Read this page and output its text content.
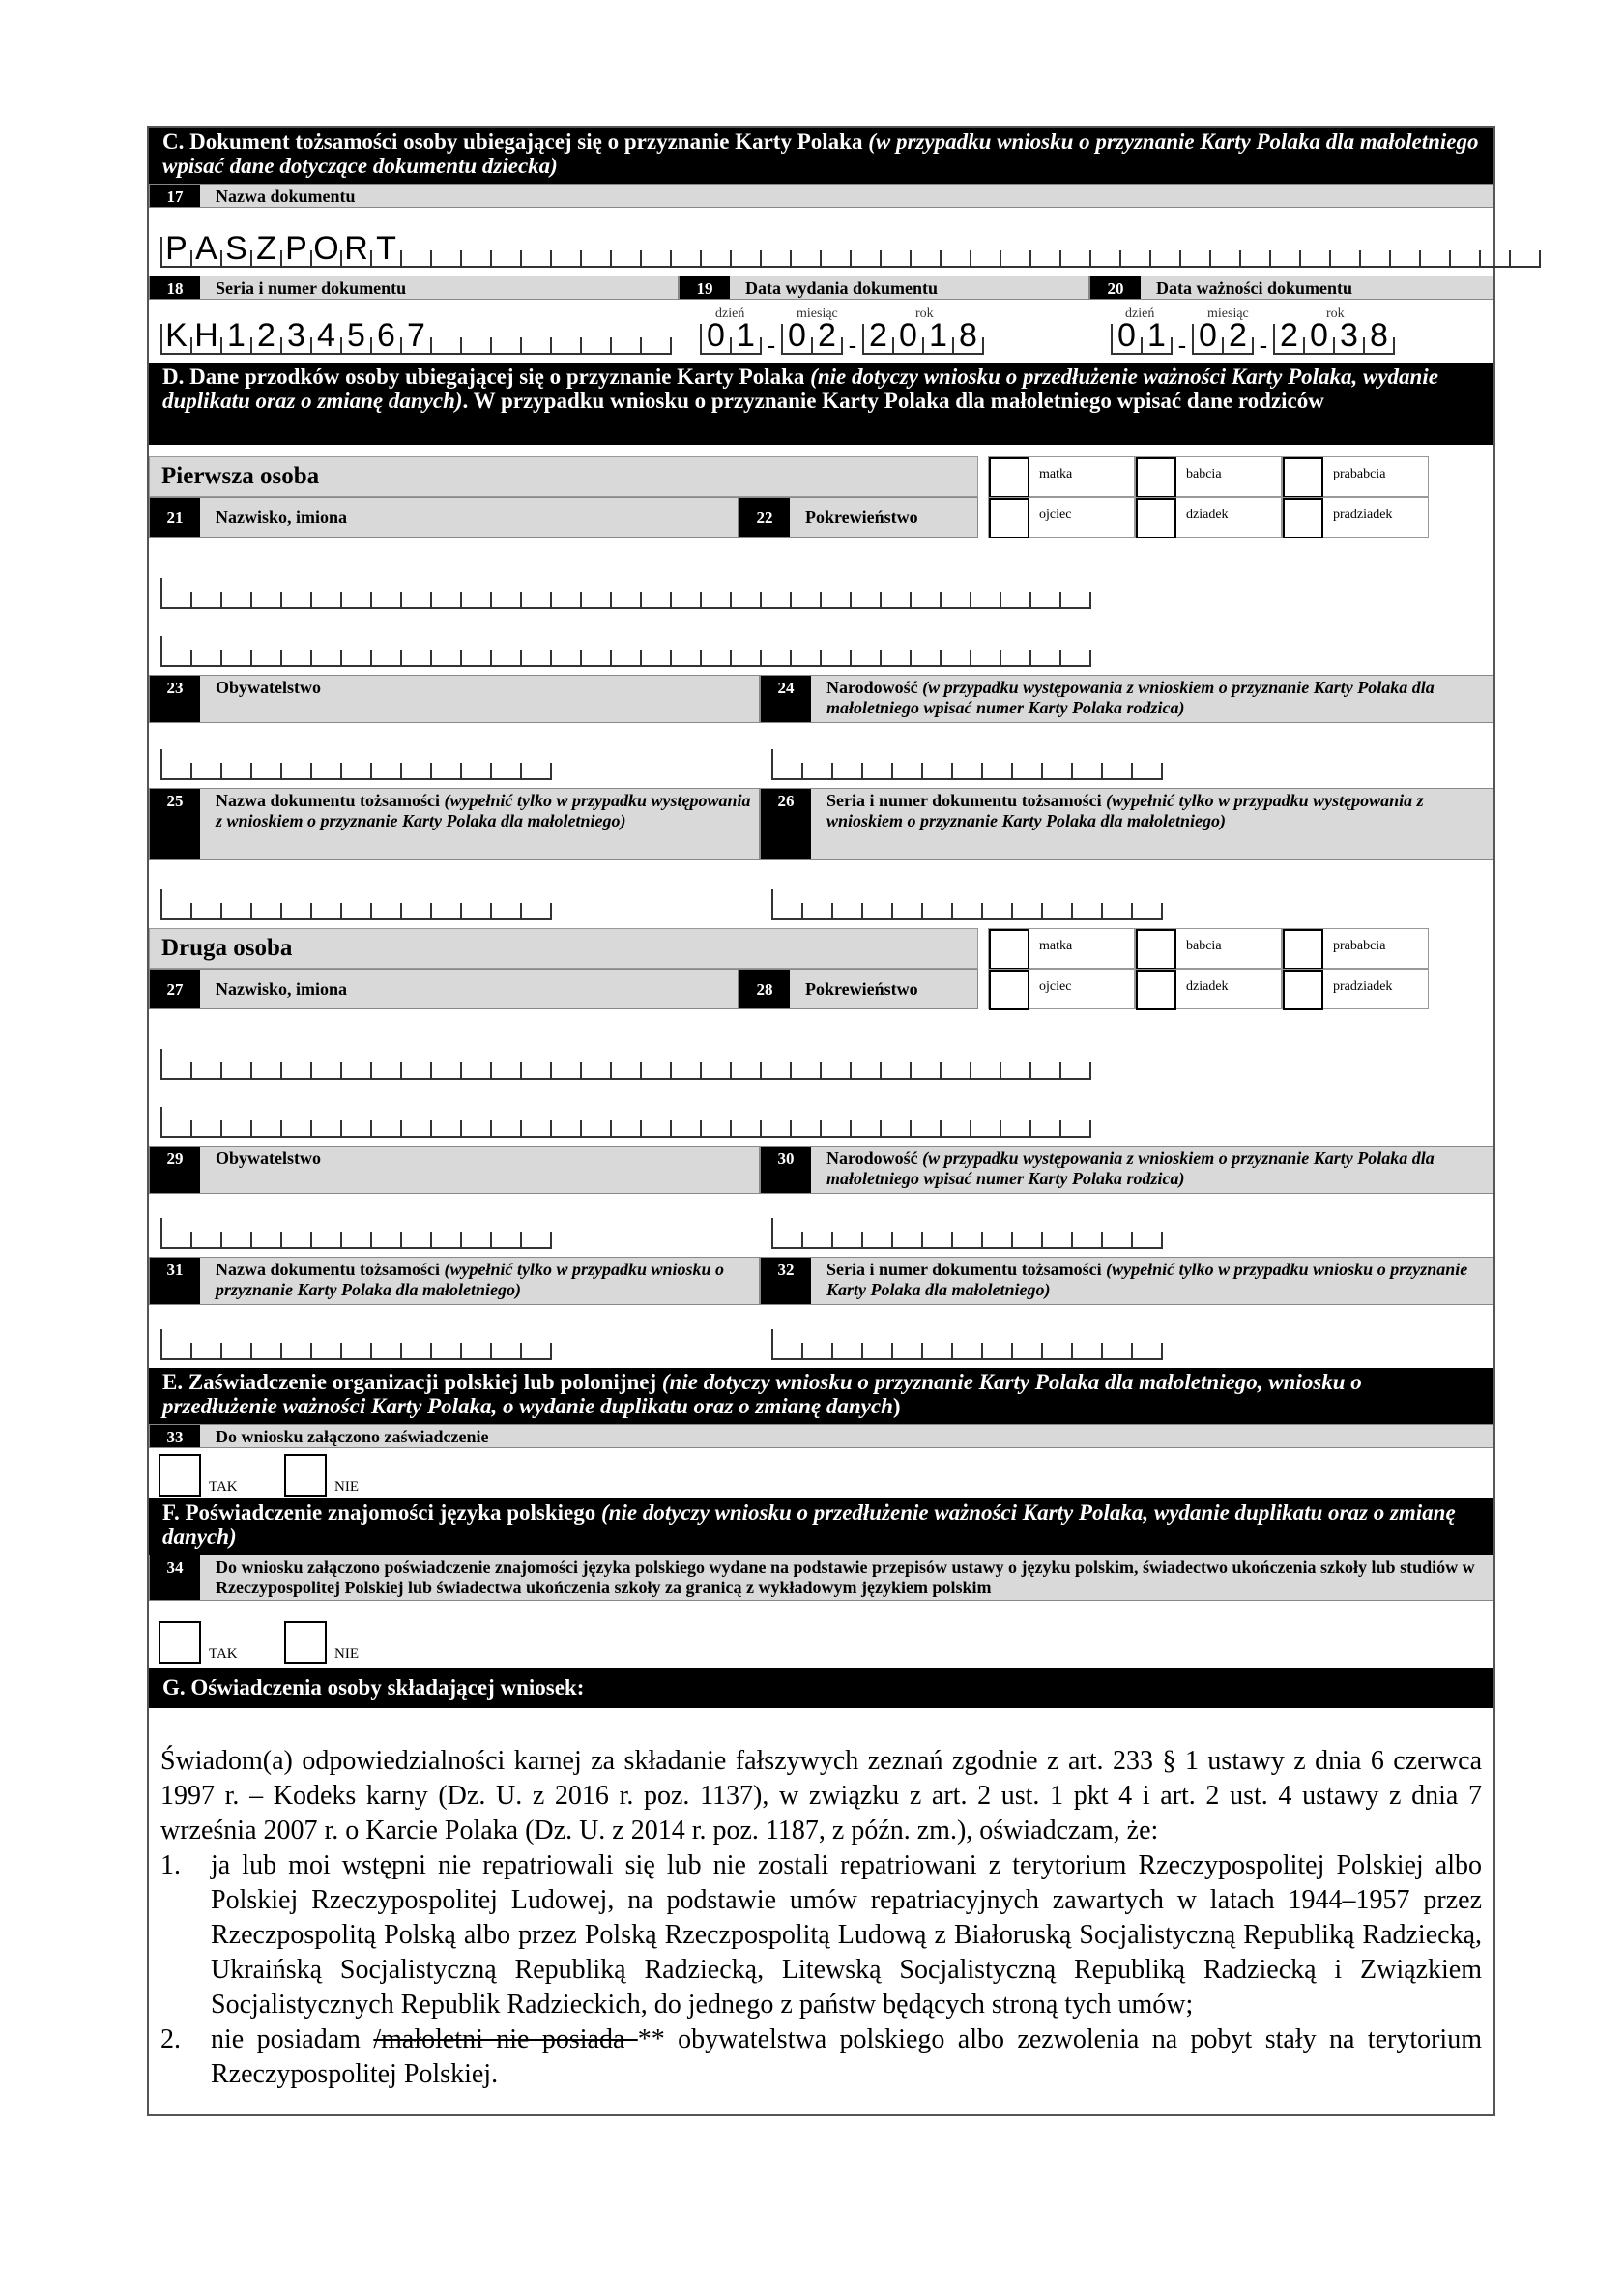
C. Dokument tożsamości osoby ubiegającej się o przyznanie Karty Polaka (w przypadku wniosku o przyznanie Karty Polaka dla małoletniego wpisać dane dotyczące dokumentu dziecka)
17	Nazwa dokumentu
P A S Z P O R T
18	Seria i numer dokumentu	19	Data wydania dokumentu	20	Data ważności dokumentu
K H 1 2 3 4 5 6 7
dzień	miesiąc	rok
0 1 - 0 2 - 2 0 1 8
dzień	miesiąc	rok
0 1 - 0 2 - 2 0 3 8
D. Dane przodków osoby ubiegającej się o przyznanie Karty Polaka (nie dotyczy wniosku o przedłużenie ważności Karty Polaka, wydanie duplikatu oraz o zmianę danych). W przypadku wniosku o przyznanie Karty Polaka dla małoletniego wpisać dane rodziców
Pierwsza osoba
21	Nazwisko, imiona	22	Pokrewieństwo
matka	babcia	prababcia
ojciec	dziadek	pradziadek
23	Obywatelstwo	24	Narodowość (w przypadku występowania z wnioskiem o przyznanie Karty Polaka dla małoletniego wpisać numer Karty Polaka rodzica)
25	Nazwa dokumentu tożsamości (wypełnić tylko w przypadku występowania z wnioskiem o przyznanie Karty Polaka dla małoletniego)
26	Seria i numer dokumentu tożsamości (wypełnić tylko w przypadku występowania z wnioskiem o przyznanie Karty Polaka dla małoletniego)
Druga osoba
27	Nazwisko, imiona	28	Pokrewieństwo
matka	babcia	prababcia
ojciec	dziadek	pradziadek
29	Obywatelstwo	30	Narodowość (w przypadku występowania z wnioskiem o przyznanie Karty Polaka dla małoletniego wpisać numer Karty Polaka rodzica)
31	Nazwa dokumentu tożsamości (wypełnić tylko w przypadku wniosku o przyznanie Karty Polaka dla małoletniego)
32	Seria i numer dokumentu tożsamości (wypełnić tylko w przypadku wniosku o przyznanie Karty Polaka dla małoletniego)
E. Zaświadczenie organizacji polskiej lub polonijnej (nie dotyczy wniosku o przyznanie Karty Polaka dla małoletniego, wniosku o przedłużenie ważności Karty Polaka, o wydanie duplikatu oraz o zmianę danych)
33	Do wniosku załączono zaświadczenie
TAK	NIE
F. Poświadczenie znajomości języka polskiego (nie dotyczy wniosku o przedłużenie ważności Karty Polaka, wydanie duplikatu oraz o zmianę danych)
34	Do wniosku załączono poświadczenie znajomości języka polskiego wydane na podstawie przepisów ustawy o języku polskim, świadectwo ukończenia szkoły lub studiów w Rzeczypospolitej Polskiej lub świadectwa ukończenia szkoły za granicą z wykładowym językiem polskim
TAK	NIE
G. Oświadczenia osoby składającej wniosek:
Świadom(a) odpowiedzialności karnej za składanie fałszywych zeznań zgodnie z art. 233 § 1 ustawy z dnia 6 czerwca 1997 r. – Kodeks karny (Dz. U. z 2016 r. poz. 1137), w związku z art. 2 ust. 1 pkt 4 i art. 2 ust. 4 ustawy z dnia 7 września 2007 r. o Karcie Polaka (Dz. U. z 2014 r. poz. 1187, z późn. zm.), oświadczam, że:
1. ja lub moi wstępni nie repatriowali się lub nie zostali repatriowani z terytorium Rzeczypospolitej Polskiej albo Polskiej Rzeczypospolitej Ludowej, na podstawie umów repatriacyjnych zawartych w latach 1944–1957 przez Rzeczpospolitą Polską albo przez Polską Rzeczpospolitą Ludową z Białoruską Socjalistyczną Republiką Radziecką, Ukraińską Socjalistyczną Republiką Radziecką, Litewską Socjalistyczną Republiką Radziecką i Związkiem Socjalistycznych Republik Radzieckich, do jednego z państw będących stroną tych umów;
2. nie posiadam /małoletni nie posiada ** obywatelstwa polskiego albo zezwolenia na pobyt stały na terytorium Rzeczypospolitej Polskiej.
